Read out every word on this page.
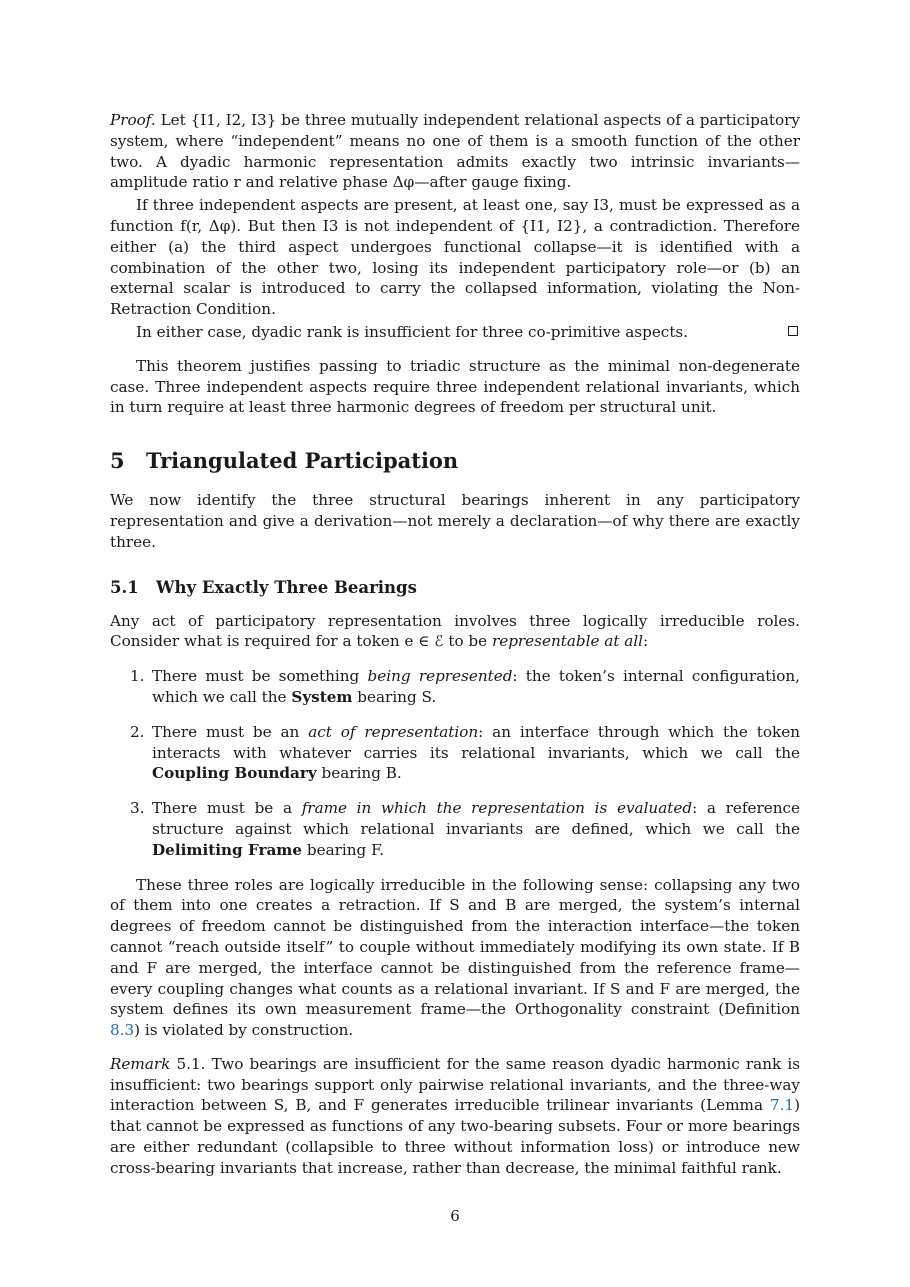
Proof. Let {I1, I2, I3} be three mutually independent relational aspects of a participatory system, where “independent” means no one of them is a smooth function of the other two. A dyadic harmonic representation admits exactly two intrinsic invariants—amplitude ratio r and relative phase Δφ—after gauge fixing.

If three independent aspects are present, at least one, say I3, must be expressed as a function f(r, Δφ). But then I3 is not independent of {I1, I2}, a contradiction. Therefore either (a) the third aspect undergoes functional collapse—it is identified with a combination of the other two, losing its independent participatory role—or (b) an external scalar is introduced to carry the collapsed information, violating the Non-Retraction Condition.

In either case, dyadic rank is insufficient for three co-primitive aspects.

This theorem justifies passing to triadic structure as the minimal non-degenerate case. Three independent aspects require three independent relational invariants, which in turn require at least three harmonic degrees of freedom per structural unit.

5 Triangulated Participation

We now identify the three structural bearings inherent in any participatory representation and give a derivation—not merely a declaration—of why there are exactly three.

5.1 Why Exactly Three Bearings

Any act of participatory representation involves three logically irreducible roles. Consider what is required for a token e ∈ ℰ to be representable at all:

1. There must be something being represented: the token’s internal configuration, which we call the System bearing S.
2. There must be an act of representation: an interface through which the token interacts with whatever carries its relational invariants, which we call the Coupling Boundary bearing B.
3. There must be a frame in which the representation is evaluated: a reference structure against which relational invariants are defined, which we call the Delimiting Frame bearing F.

These three roles are logically irreducible in the following sense: collapsing any two of them into one creates a retraction. If S and B are merged, the system’s internal degrees of freedom cannot be distinguished from the interaction interface—the token cannot “reach outside itself” to couple without immediately modifying its own state. If B and F are merged, the interface cannot be distinguished from the reference frame—every coupling changes what counts as a relational invariant. If S and F are merged, the system defines its own measurement frame—the Orthogonality constraint (Definition 8.3) is violated by construction.

Remark 5.1. Two bearings are insufficient for the same reason dyadic harmonic rank is insufficient: two bearings support only pairwise relational invariants, and the three-way interaction between S, B, and F generates irreducible trilinear invariants (Lemma 7.1) that cannot be expressed as functions of any two-bearing subsets. Four or more bearings are either redundant (collapsible to three without information loss) or introduce new cross-bearing invariants that increase, rather than decrease, the minimal faithful rank.

6
